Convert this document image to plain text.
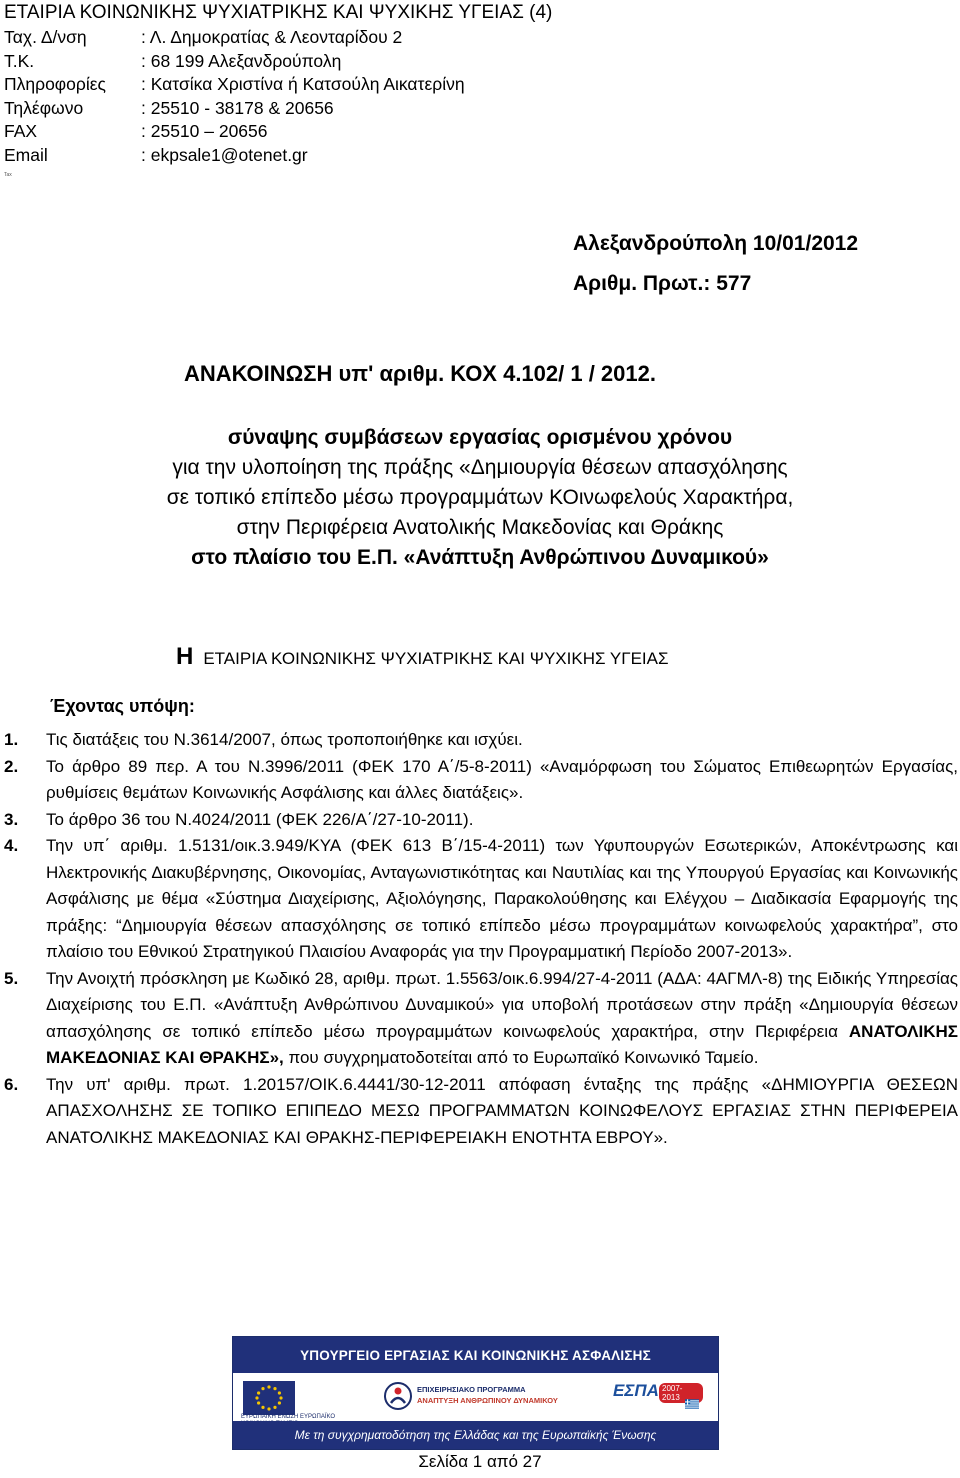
ΕΤΑΙΡΙΑ ΚΟΙΝΩΝΙΚΗΣ ΨΥΧΙΑΤΡΙΚΗΣ ΚΑΙ ΨΥΧΙΚΗΣ ΥΓΕΙΑΣ (4)
Ταχ. Δ/νση	: Λ. Δημοκρατίας & Λεονταρίδου 2
Τ.Κ.	: 68 199 Αλεξανδρούπολη
Πληροφορίες	: Κατσίκα Χριστίνα ή Κατσούλη Αικατερίνη
Τηλέφωνο	: 25510 - 38178 & 20656
FAX	: 25510 – 20656
Email	: ekpsale1@otenet.gr
Tax
Αλεξανδρούπολη 10/01/2012
Αριθμ. Πρωτ.: 577
ΑΝΑΚΟΙΝΩΣΗ υπ' αριθμ. ΚΟΧ 4.102/ 1 / 2012.
σύναψης συμβάσεων εργασίας ορισμένου χρόνου
για την υλοποίηση της πράξης «Δημιουργία θέσεων απασχόλησης
σε τοπικό επίπεδο μέσω προγραμμάτων ΚΟινωφελούς Χαρακτήρα,
στην Περιφέρεια Ανατολικής Μακεδονίας και Θράκης
στο πλαίσιο του Ε.Π. «Ανάπτυξη Ανθρώπινου Δυναμικού»
Η ΕΤΑΙΡΙΑ ΚΟΙΝΩΝΙΚΗΣ ΨΥΧΙΑΤΡΙΚΗΣ ΚΑΙ ΨΥΧΙΚΗΣ ΥΓΕΙΑΣ
Έχοντας υπόψη:
1. Τις διατάξεις του Ν.3614/2007, όπως τροποποιήθηκε και ισχύει.
2. Το άρθρο 89 περ. Α του Ν.3996/2011 (ΦΕΚ 170 Α΄/5-8-2011) «Αναμόρφωση του Σώματος Επιθεωρητών Εργασίας, ρυθμίσεις θεμάτων Κοινωνικής Ασφάλισης και άλλες διατάξεις».
3. Το άρθρο 36 του Ν.4024/2011 (ΦΕΚ 226/Α΄/27-10-2011).
4. Την υπ΄ αριθμ. 1.5131/οικ.3.949/ΚΥΑ (ΦΕΚ 613 Β΄/15-4-2011) των Υφυπουργών Εσωτερικών, Αποκέντρωσης και Ηλεκτρονικής Διακυβέρνησης, Οικονομίας, Ανταγωνιστικότητας και Ναυτιλίας και της Υπουργού Εργασίας και Κοινωνικής Ασφάλισης με θέμα «Σύστημα Διαχείρισης, Αξιολόγησης, Παρακολούθησης και Ελέγχου – Διαδικασία Εφαρμογής της πράξης: “Δημιουργία θέσεων απασχόλησης σε τοπικό επίπεδο μέσω προγραμμάτων κοινωφελούς χαρακτήρα”, στο πλαίσιο του Εθνικού Στρατηγικού Πλαισίου Αναφοράς για την Προγραμματική Περίοδο 2007-2013».
5. Την Ανοιχτή πρόσκληση με Κωδικό 28, αριθμ. πρωτ. 1.5563/οικ.6.994/27-4-2011 (ΑΔΑ: 4ΑΓΜΛ-8) της Ειδικής Υπηρεσίας Διαχείρισης του Ε.Π. «Ανάπτυξη Ανθρώπινου Δυναμικού» για υποβολή προτάσεων στην πράξη «Δημιουργία θέσεων απασχόλησης σε τοπικό επίπεδο μέσω προγραμμάτων κοινωφελούς χαρακτήρα, στην Περιφέρεια ΑΝΑΤΟΛΙΚΗΣ ΜΑΚΕΔΟΝΙΑΣ ΚΑΙ ΘΡΑΚΗΣ», που συγχρηματοδοτείται από το Ευρωπαϊκό Κοινωνικό Ταμείο.
6. Την υπ' αριθμ. πρωτ. 1.20157/ΟΙΚ.6.4441/30-12-2011 απόφαση ένταξης της πράξης «ΔΗΜΙΟΥΡΓΙΑ ΘΕΣΕΩΝ ΑΠΑΣΧΟΛΗΣΗΣ ΣΕ ΤΟΠΙΚΟ ΕΠΙΠΕΔΟ ΜΕΣΩ ΠΡΟΓΡΑΜΜΑΤΩΝ ΚΟΙΝΩΦΕΛΟΥΣ ΕΡΓΑΣΙΑΣ ΣΤΗΝ ΠΕΡΙΦΕΡΕΙΑ ΑΝΑΤΟΛΙΚΗΣ ΜΑΚΕΔΟΝΙΑΣ ΚΑΙ ΘΡΑΚΗΣ-ΠΕΡΙΦΕΡΕΙΑΚΗ ΕΝΟΤΗΤΑ ΕΒΡΟΥ».
ΥΠΟΥΡΓΕΙΟ ΕΡΓΑΣΙΑΣ ΚΑΙ ΚΟΙΝΩΝΙΚΗΣ ΑΣΦΑΛΙΣΗΣ
ΕΥΡΩΠΑΪΚΗ ΕΝΩΣΗ ΕΥΡΩΠΑΪΚΟ
ΕΠΙΧΕΙΡΗΣΙΑΚΟ ΠΡΟΓΡΑΜΜΑ
ΑΝΑΠΤΥΞΗ ΑΝΘΡΩΠΙΝΟΥ ΔΥΝΑΜΙΚΟΥ
ΕΣΠΑ 2007-2013
Με τη συγχρηματοδότηση της Ελλάδας και της Ευρωπαϊκής Ένωσης
Σελίδα 1 από 27
